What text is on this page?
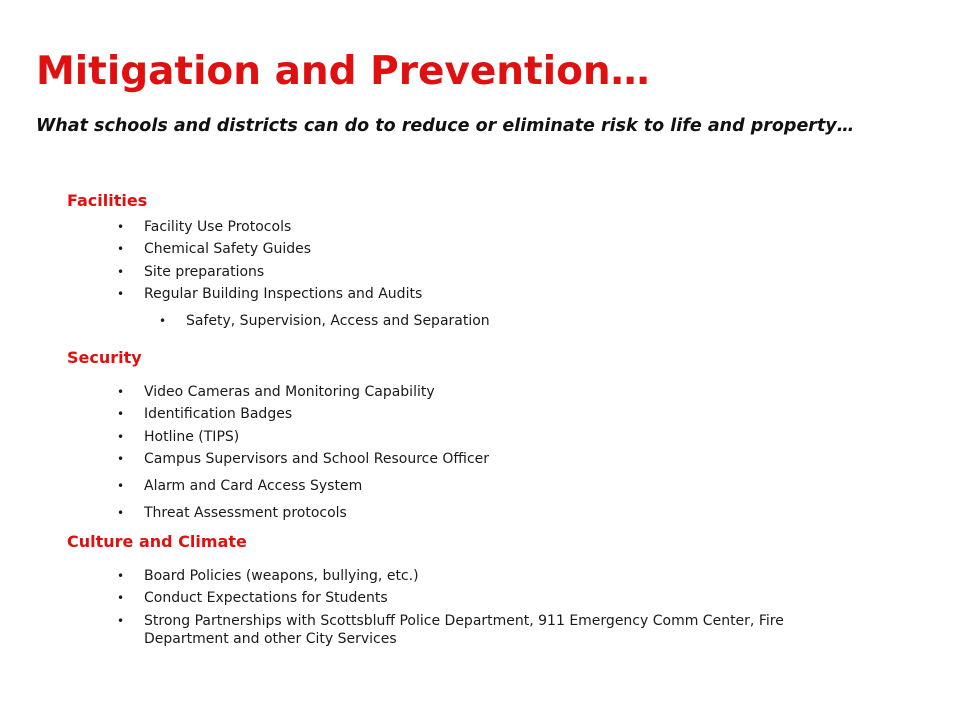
Mitigation and Prevention…

What schools and districts can do to reduce or eliminate risk to life and property…

Facilities
• Facility Use Protocols
• Chemical Safety Guides
• Site preparations
• Regular Building Inspections and Audits
• Safety, Supervision, Access and Separation
Security
• Video Cameras and Monitoring Capability
• Identification Badges
• Hotline (TIPS)
• Campus Supervisors and School Resource Officer
• Alarm and Card Access System
• Threat Assessment protocols
Culture and Climate
• Board Policies (weapons, bullying, etc.)
• Conduct Expectations for Students
• Strong Partnerships with Scottsbluff Police Department, 911 Emergency Comm Center, Fire Department and other City Services
